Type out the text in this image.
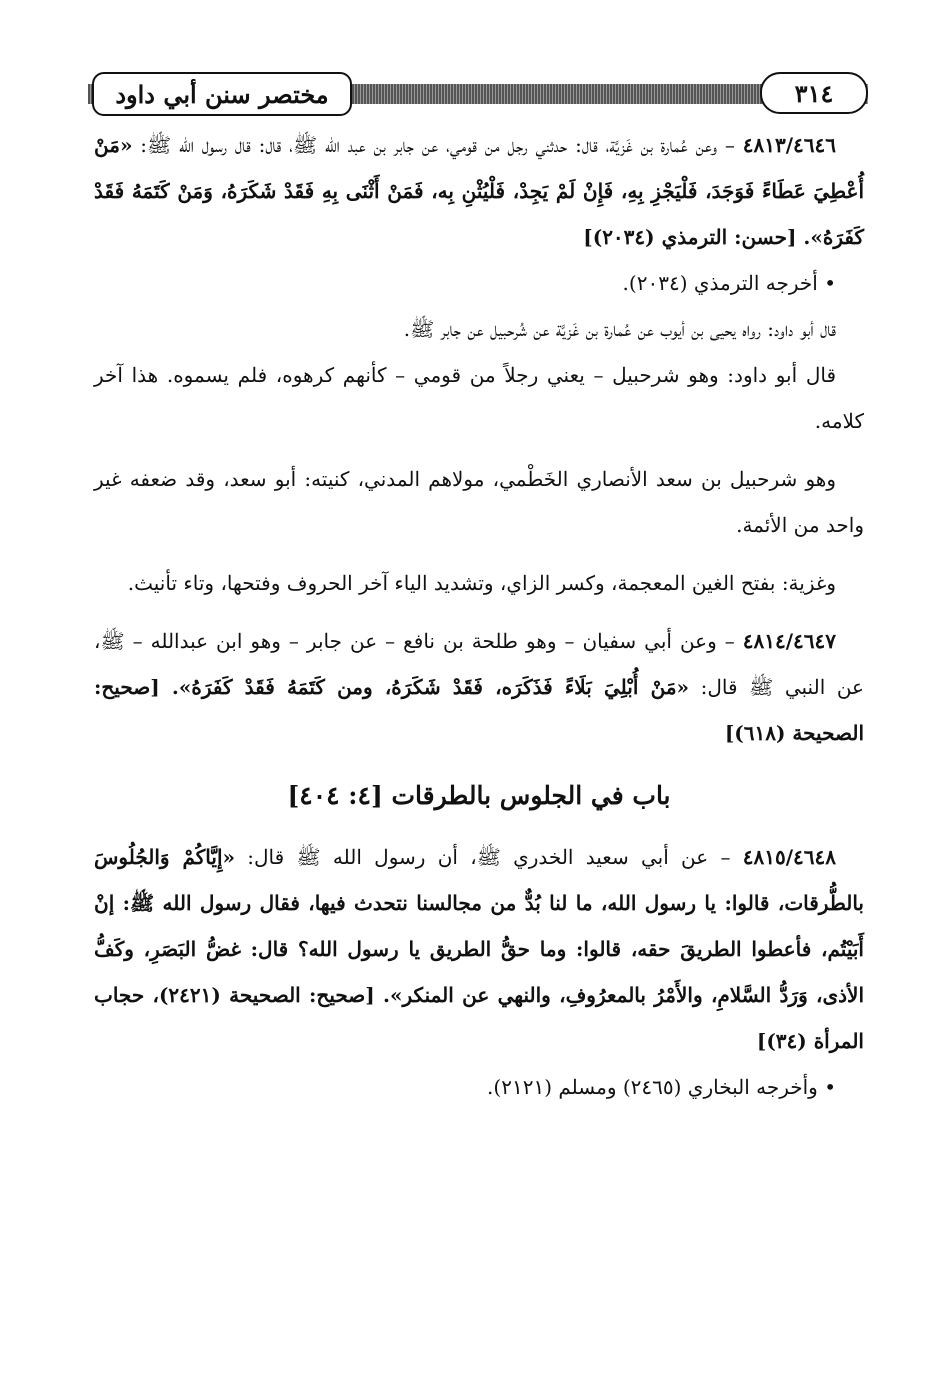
مختصر سنن أبي داود	٣١٤

٤٨١٣/٤٦٤٦ – وعن عُمارة بن غَزيَّة، قال: حدثني رجل من قومي، عن جابر بن عبد الله ﷺ، قال: قال رسول الله ﷺ: «مَنْ أُعْطِيَ عَطَاءً فَوَجَدَ، فَلْيَجْزِ بِهِ، فَإِنْ لَمْ يَجِدْ، فَلْيُثْنِ بِه، فَمَنْ أَثْنَى بِهِ فَقَدْ شَكَرَهُ، وَمَنْ كَتَمَهُ فَقَدْ كَفَرَهُ». [حسن: الترمذي (٢٠٣٤)]

• أخرجه الترمذي (٢٠٣٤).

قال أبو داود: رواه يحيى بن أيوب عن عُمارة بن غَزيَّة عن شُرحبيل عن جابر ﷺ.

قال أبو داود: وهو شرحبيل – يعني رجلاً من قومي – كأنهم كرهوه، فلم يسموه. هذا آخر كلامه.

وهو شرحبيل بن سعد الأنصاري الخَطْمي، مولاهم المدني، كنيته: أبو سعد، وقد ضعفه غير واحد من الأئمة.

وغزية: بفتح الغين المعجمة، وكسر الزاي، وتشديد الياء آخر الحروف وفتحها، وتاء تأنيث.

٤٨١٤/٤٦٤٧ – وعن أبي سفيان – وهو طلحة بن نافع – عن جابر – وهو ابن عبدالله – ﷺ، عن النبي ﷺ قال: «مَنْ أُبْلِيَ بَلَاءً فَذَكَرَه، فَقَدْ شَكَرَهُ، ومن كَتَمَهُ فَقَدْ كَفَرَهُ». [صحيح: الصحيحة (٦١٨)]

باب في الجلوس بالطرقات [٤: ٤٠٤]

٤٨١٥/٤٦٤٨ – عن أبي سعيد الخدري ﷺ، أن رسول الله ﷺ قال: «إِيَّاكُمْ وَالجُلُوسَ بالطُّرقات، قالوا: يا رسول الله، ما لنا بُدٌّ من مجالسنا نتحدث فيها، فقال رسول الله ﷺ: إنْ أَبَيْتُم، فأعطوا الطريقَ حقه، قالوا: وما حقُّ الطريق يا رسول الله؟ قال: غضُّ البَصَرِ، وكَفُّ الأذى، وَرَدُّ السَّلامِ، والأَمْرُ بالمعرُوفِ، والنهي عن المنكر». [صحيح: الصحيحة (٢٤٢١)، حجاب المرأة (٣٤)]

• وأخرجه البخاري (٢٤٦٥) ومسلم (٢١٢١).
